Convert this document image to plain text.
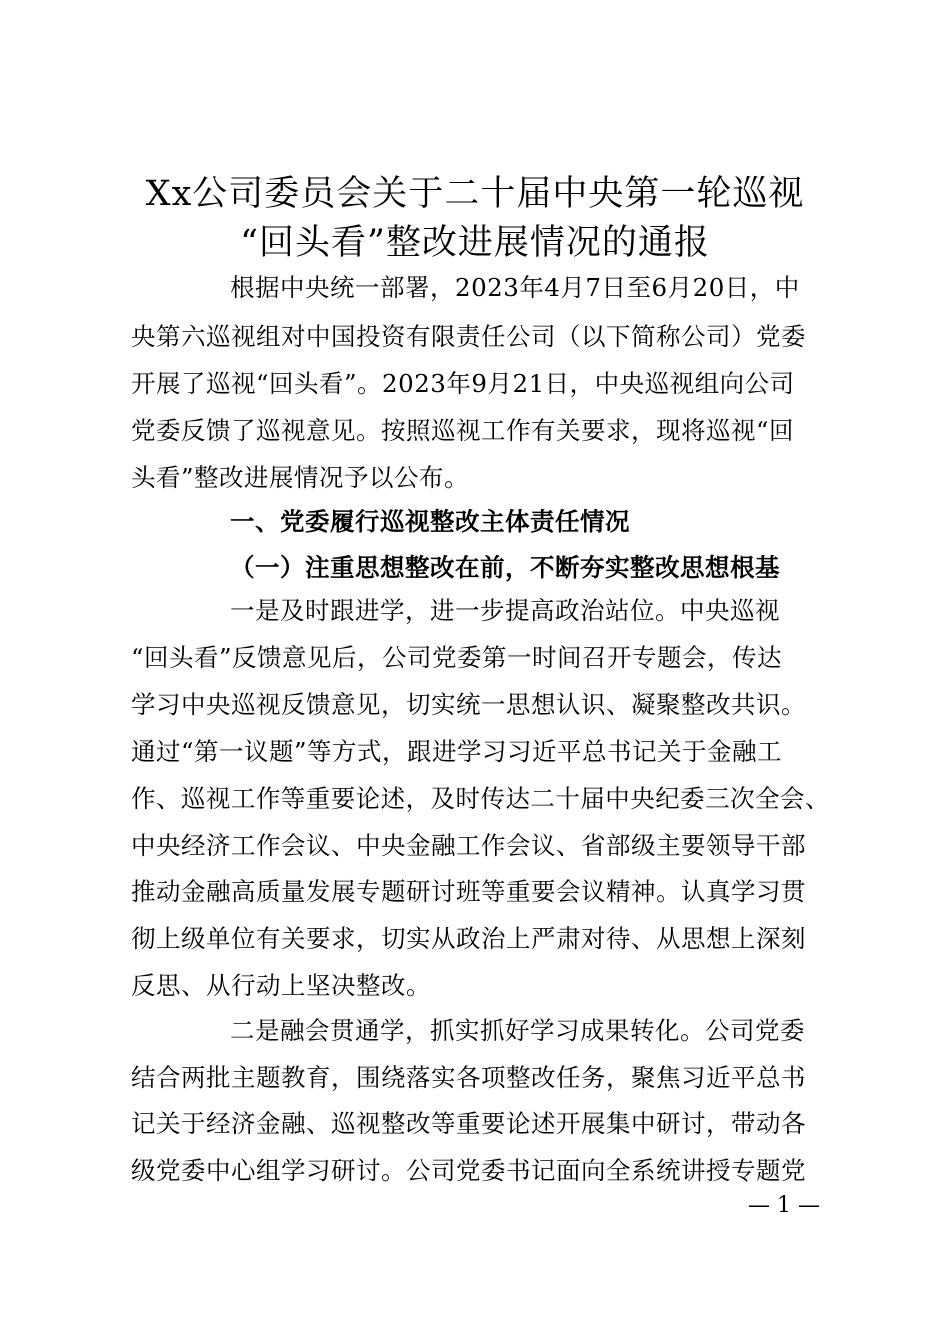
Xx公司委员会关于二十届中央第一轮巡视
“回头看”整改进展情况的通报
根据中央统一部署，2023年4月7日至6月20日，中
央第六巡视组对中国投资有限责任公司（以下简称公司）党委
开展了巡视“回头看”。2023年9月21日，中央巡视组向公司
党委反馈了巡视意见。按照巡视工作有关要求，现将巡视“回
头看”整改进展情况予以公布。
一、党委履行巡视整改主体责任情况
（一）注重思想整改在前，不断夯实整改思想根基
一是及时跟进学，进一步提高政治站位。中央巡视
“回头看”反馈意见后，公司党委第一时间召开专题会，传达
学习中央巡视反馈意见，切实统一思想认识、凝聚整改共识。
通过“第一议题”等方式，跟进学习习近平总书记关于金融工
作、巡视工作等重要论述，及时传达二十届中央纪委三次全会、
中央经济工作会议、中央金融工作会议、省部级主要领导干部
推动金融高质量发展专题研讨班等重要会议精神。认真学习贯
彻上级单位有关要求，切实从政治上严肃对待、从思想上深刻
反思、从行动上坚决整改。
二是融会贯通学，抓实抓好学习成果转化。公司党委
结合两批主题教育，围绕落实各项整改任务，聚焦习近平总书
记关于经济金融、巡视整改等重要论述开展集中研讨，带动各
级党委中心组学习研讨。公司党委书记面向全系统讲授专题党
— 1 —
